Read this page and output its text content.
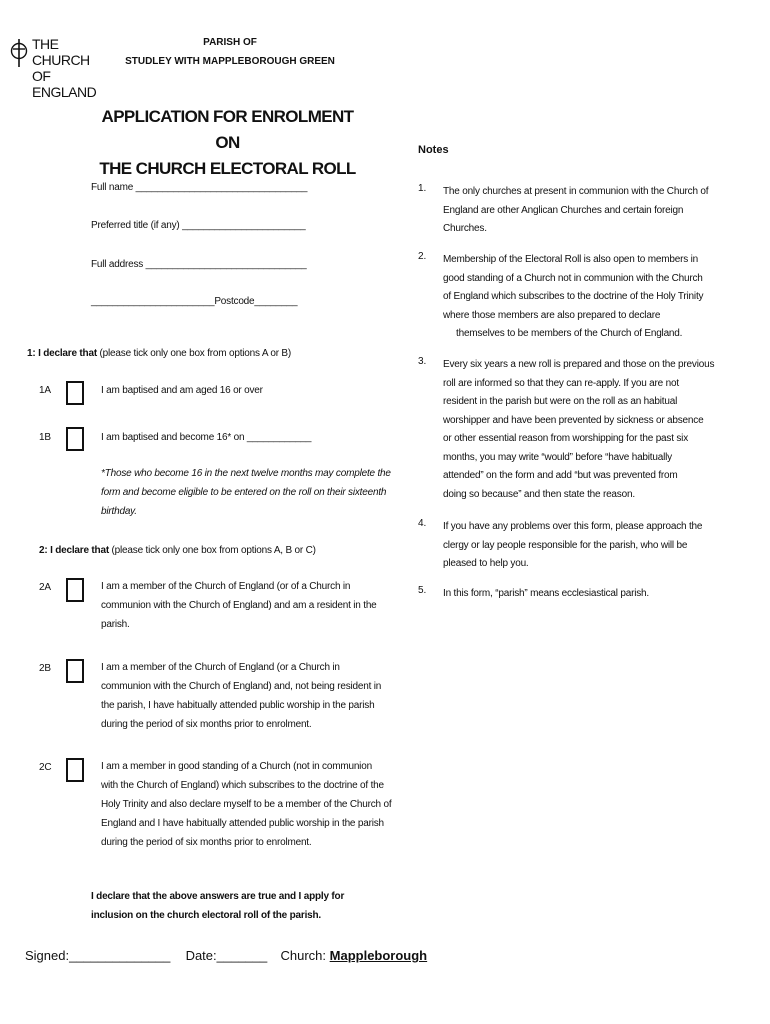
THE CHURCH
OF ENGLAND
PARISH OF
STUDLEY WITH MAPPLEBOROUGH GREEN
APPLICATION FOR ENROLMENT ON
THE CHURCH ELECTORAL ROLL
Full name ________________________________
Preferred title (if any) _______________________
Full address ______________________________
_______________________Postcode________
1: I declare that (please tick only one box from options A or B)
1A	I am baptised and am aged 16 or over
1B	I am baptised and become 16* on ____________
*Those who become 16 in the next twelve months may complete the
form and become eligible to be entered on the roll on their sixteenth
birthday.
2: I declare that (please tick only one box from options A, B or C)
2A	I am a member of the Church of England (or of a Church in
communion with the Church of England) and am a resident in the
parish.
2B	I am a member of the Church of England (or a Church in
communion with the Church of England) and, not being resident in
the parish, I have habitually attended public worship in the parish
during the period of six months prior to enrolment.
2C	I am a member in good standing of a Church (not in communion
with the Church of England) which subscribes to the doctrine of the
Holy Trinity and also declare myself to be a member of the Church of
England and I have habitually attended public worship in the parish
during the period of six months prior to enrolment.
I declare that the above answers are true and I apply for
inclusion on the church electoral roll of the parish.
Signed:______________ Date:_______ Church: Mappleborough
Notes
1. The only churches at present in communion with the Church of
England are other Anglican Churches and certain foreign
Churches.
2. Membership of the Electoral Roll is also open to members in
good standing of a Church not in communion with the Church
of England which subscribes to the doctrine of the Holy Trinity
where those members are also prepared to declare
themselves to be members of the Church of England.
3. Every six years a new roll is prepared and those on the previous
roll are informed so that they can re-apply. If you are not
resident in the parish but were on the roll as an habitual
worshipper and have been prevented by sickness or absence
or other essential reason from worshipping for the past six
months, you may write “would” before “have habitually
attended” on the form and add “but was prevented from
doing so because” and then state the reason.
4. If you have any problems over this form, please approach the
clergy or lay people responsible for the parish, who will be
pleased to help you.
5. In this form, “parish” means ecclesiastical parish.
